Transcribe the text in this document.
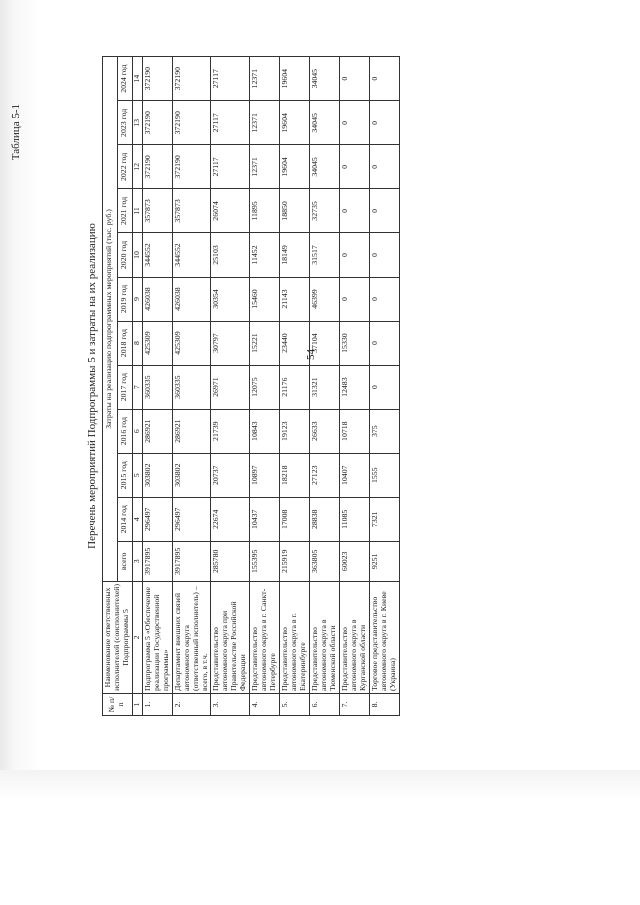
54
Таблица 5-1
Перечень мероприятий Подпрограммы 5 и затраты на их реализацию
№ п/п	Наименование ответственных исполнителей (соисполнителей) Подпрограммы 5	Затраты на реализацию подпрограммных мероприятий (тыс. руб.)											
		всего	2014 год	2015 год	2016 год	2017 год	2018 год	2019 год	2020 год	2021 год	2022 год	2023 год	2024 год
1	2	3	4	5	6	7	8	9	10	11	12	13	14
1.	Подпрограмма 5 «Обеспечение реализации Государственной программы»	3917895	296497	303802	286921	360335	425309	426038	344552	357873	372190	372190	372190
2.	Департамент внешних связей автономного округа (ответственный исполнитель) – всего, в т.ч.	3917895	296497	303802	286921	360335	425309	426038	344552	357873	372190	372190	372190
3.	Представительство автономного округа при Правительстве Российской Федерации	285780	22674	20737	21739	26971	30797	30354	25103	26074	27117	27117	27117
4.	Представительство автономного округа в г. Санкт-Петербурге	155395	10437	10897	10843	12075	15221	15460	11452	11895	12371	12371	12371
5.	Представительство автономного округа в г. Екатеринбурге	215919	17008	18218	19123	21176	23440	21143	18149	18850	19604	19604	19604
6.	Представительство автономного округа в Тюменской области	363805	28838	27123	26633	31321	37104	46399	31517	32735	34045	34045	34045
7.	Представительство автономного округа в Курганской области	60023	11085	10407	10718	12483	15330	0	0	0	0	0	0
8.	Торговое представительство автономного округа в г. Киеве (Украина)	9251	7321	1555	375	0	0	0	0	0	0	0	0
